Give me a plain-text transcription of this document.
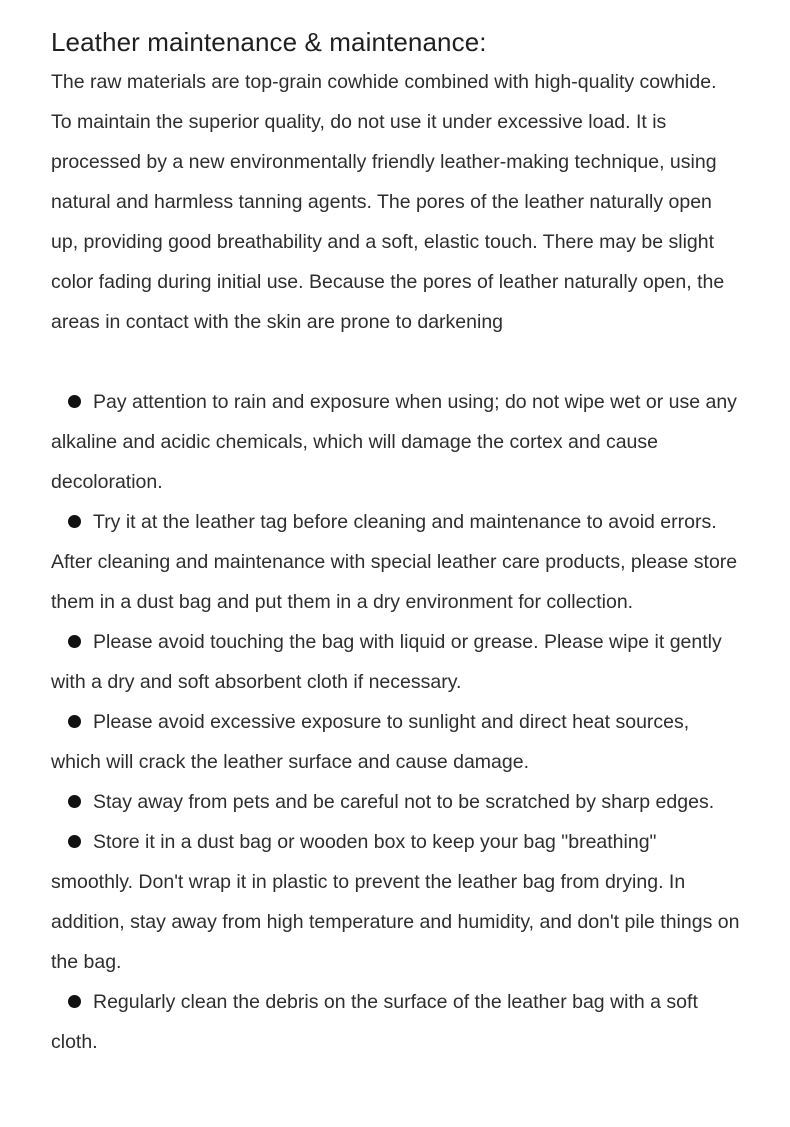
Leather maintenance & maintenance:

The raw materials are top-grain cowhide combined with high-quality cowhide. To maintain the superior quality, do not use it under excessive load. It is processed by a new environmentally friendly leather-making technique, using natural and harmless tanning agents. The pores of the leather naturally open up, providing good breathability and a soft, elastic touch. There may be slight color fading during initial use. Because the pores of leather naturally open, the areas in contact with the skin are prone to darkening

Pay attention to rain and exposure when using; do not wipe wet or use any alkaline and acidic chemicals, which will damage the cortex and cause decoloration.

Try it at the leather tag before cleaning and maintenance to avoid errors. After cleaning and maintenance with special leather care products, please store them in a dust bag and put them in a dry environment for collection.

Please avoid touching the bag with liquid or grease. Please wipe it gently with a dry and soft absorbent cloth if necessary.

Please avoid excessive exposure to sunlight and direct heat sources, which will crack the leather surface and cause damage.

Stay away from pets and be careful not to be scratched by sharp edges.

Store it in a dust bag or wooden box to keep your bag "breathing" smoothly. Don't wrap it in plastic to prevent the leather bag from drying. In addition, stay away from high temperature and humidity, and don't pile things on the bag.

Regularly clean the debris on the surface of the leather bag with a soft cloth.
